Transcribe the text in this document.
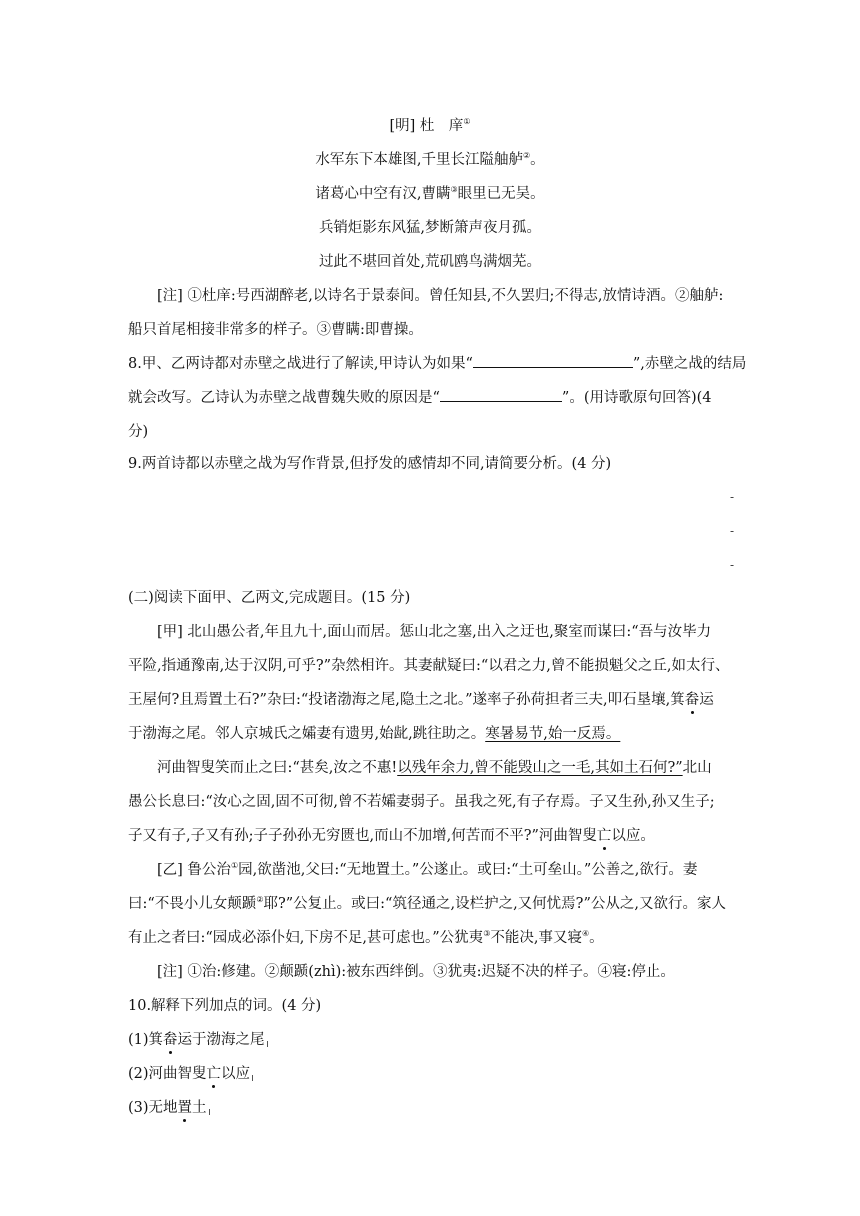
[明] 杜　庠①
水军东下本雄图,千里长江隘舳舻②。
诸葛心中空有汉,曹瞒③眼里已无吴。
兵销炬影东风猛,梦断箫声夜月孤。
过此不堪回首处,荒矶鸥鸟满烟芜。
[注] ①杜庠:号西湖醉老,以诗名于景泰间。曾任知县,不久罢归;不得志,放情诗酒。②舳舻:
船只首尾相接非常多的样子。③曹瞒:即曹操。
8.甲、乙两诗都对赤壁之战进行了解读,甲诗认为如果“	”,赤壁之战的结局
就会改写。乙诗认为赤壁之战曹魏失败的原因是“	”。(用诗歌原句回答)(4
分)
9.两首诗都以赤壁之战为写作背景,但抒发的感情却不同,请简要分析。(4 分)
-
-
-
(二)阅读下面甲、乙两文,完成题目。(15 分)
[甲] 北山愚公者,年且九十,面山而居。惩山北之塞,出入之迂也,聚室而谋曰:“吾与汝毕力
平险,指通豫南,达于汉阴,可乎?”杂然相许。其妻献疑曰:“以君之力,曾不能损魁父之丘,如太行、
王屋何?且焉置土石?”杂曰:“投诸渤海之尾,隐土之北。”遂率子孙荷担者三夫,叩石垦壤,箕畚运
于渤海之尾。邻人京城氏之孀妻有遗男,始龀,跳往助之。寒暑易节,始一反焉。
河曲智叟笑而止之曰:“甚矣,汝之不惠!以残年余力,曾不能毁山之一毛,其如土石何?”北山
愚公长息曰:“汝心之固,固不可彻,曾不若孀妻弱子。虽我之死,有子存焉。子又生孙,孙又生子;
子又有子,子又有孙;子子孙孙无穷匮也,而山不加增,何苦而不平?”河曲智叟亡以应。
[乙] 鲁公治①园,欲凿池,父曰:“无地置土。”公遂止。或曰:“土可垒山。”公善之,欲行。妻
曰:“不畏小儿女颠踬②耶?”公复止。或曰:“筑径通之,设栏护之,又何忧焉?”公从之,又欲行。家人
有止之者曰:“园成必添仆妇,下房不足,甚可虑也。”公犹夷③不能决,事又寝④。
[注] ①治:修建。②颠踬(zhì):被东西绊倒。③犹夷:迟疑不决的样子。④寝:停止。
10.解释下列加点的词。(4 分)
(1)箕畚运于渤海之尾
(2)河曲智叟亡以应
(3)无地置土
